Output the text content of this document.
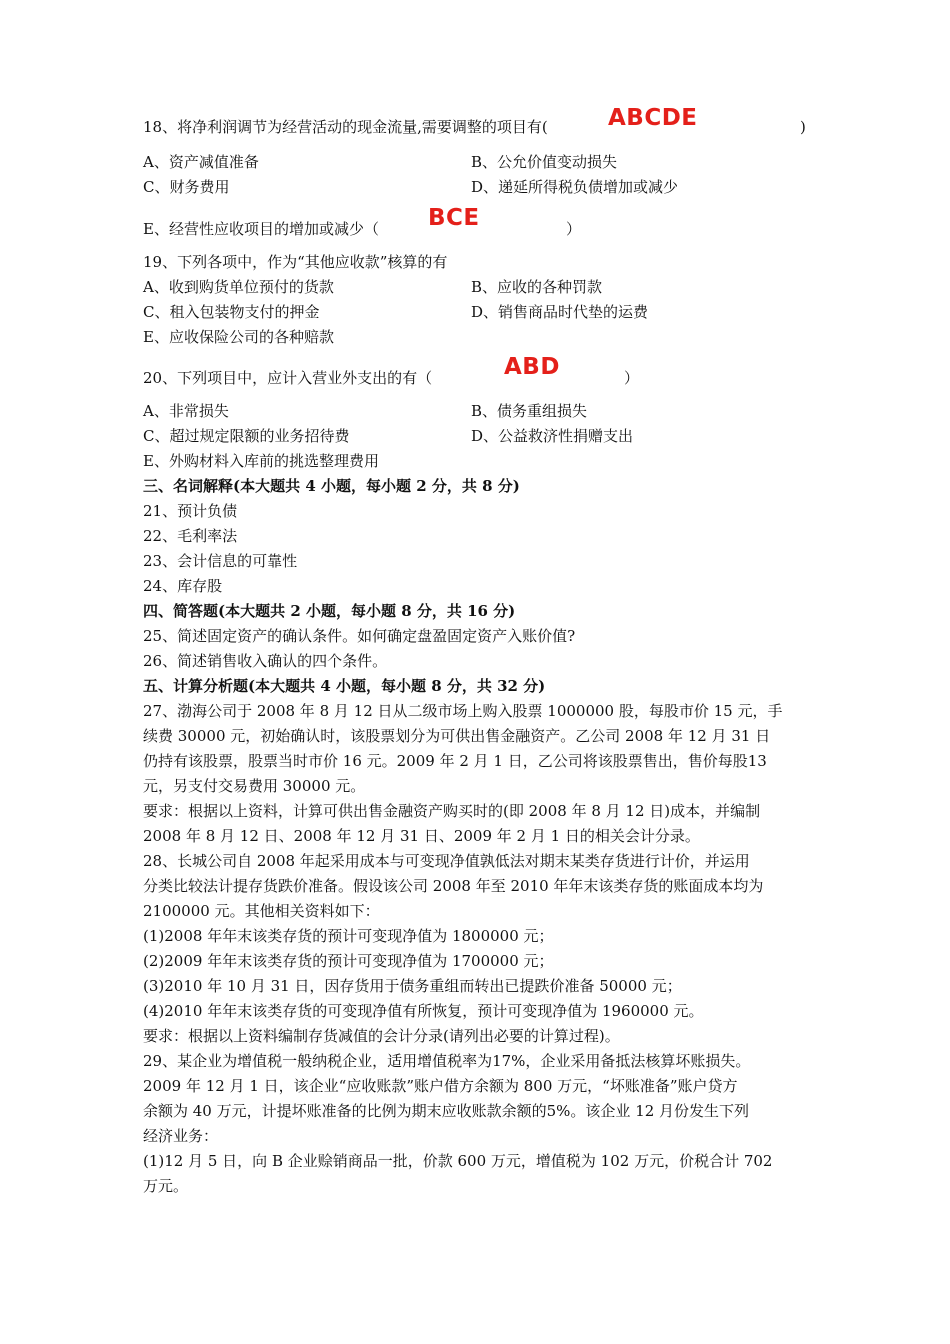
18、将净利润调节为经营活动的现金流量,需要调整的项目有(	ABCDE	)
A、资产减值准备	B、公允价值变动损失
C、财务费用	D、递延所得税负债增加或减少
E、经营性应收项目的增加或减少（	BCE	）
19、下列各项中，作为“其他应收款”核算的有
A、收到购货单位预付的货款	B、应收的各种罚款
C、租入包装物支付的押金	D、销售商品时代垫的运费
E、应收保险公司的各种赔款
20、下列项目中，应计入营业外支出的有（	ABD	）
A、非常损失	B、债务重组损失
C、超过规定限额的业务招待费	D、公益救济性捐赠支出
E、外购材料入库前的挑选整理费用
三、名词解释(本大题共 4 小题，每小题 2 分，共 8 分)
21、预计负债
22、毛利率法
23、会计信息的可靠性
24、库存股
四、简答题(本大题共 2 小题，每小题 8 分，共 16 分)
25、简述固定资产的确认条件。如何确定盘盈固定资产入账价值?
26、简述销售收入确认的四个条件。
五、计算分析题(本大题共 4 小题，每小题 8 分，共 32 分)
27、渤海公司于 2008 年 8 月 12 日从二级市场上购入股票 1000000 股，每股市价 15 元，手
续费 30000 元，初始确认时，该股票划分为可供出售金融资产。乙公司 2008 年 12 月 31 日
仍持有该股票，股票当时市价 16 元。2009 年 2 月 1 日，乙公司将该股票售出，售价每股13
元，另支付交易费用 30000 元。
要求：根据以上资料，计算可供出售金融资产购买时的(即 2008 年 8 月 12 日)成本，并编制
2008 年 8 月 12 日、2008 年 12 月 31 日、2009 年 2 月 1 日的相关会计分录。
28、长城公司自 2008 年起采用成本与可变现净值孰低法对期末某类存货进行计价，并运用
分类比较法计提存货跌价准备。假设该公司 2008 年至 2010 年年末该类存货的账面成本均为
2100000 元。其他相关资料如下：
(1)2008 年年末该类存货的预计可变现净值为 1800000 元；
(2)2009 年年末该类存货的预计可变现净值为 1700000 元；
(3)2010 年 10 月 31 日，因存货用于债务重组而转出已提跌价准备 50000 元；
(4)2010 年年末该类存货的可变现净值有所恢复，预计可变现净值为 1960000 元。
要求：根据以上资料编制存货减值的会计分录(请列出必要的计算过程)。
29、某企业为增值税一般纳税企业，适用增值税率为17%，企业采用备抵法核算坏账损失。
2009 年 12 月 1 日，该企业“应收账款”账户借方余额为 800 万元，“坏账准备”账户贷方
余额为 40 万元，计提坏账准备的比例为期末应收账款余额的5%。该企业 12 月份发生下列
经济业务：
(1)12 月 5 日，向 B 企业赊销商品一批，价款 600 万元，增值税为 102 万元，价税合计 702
万元。
